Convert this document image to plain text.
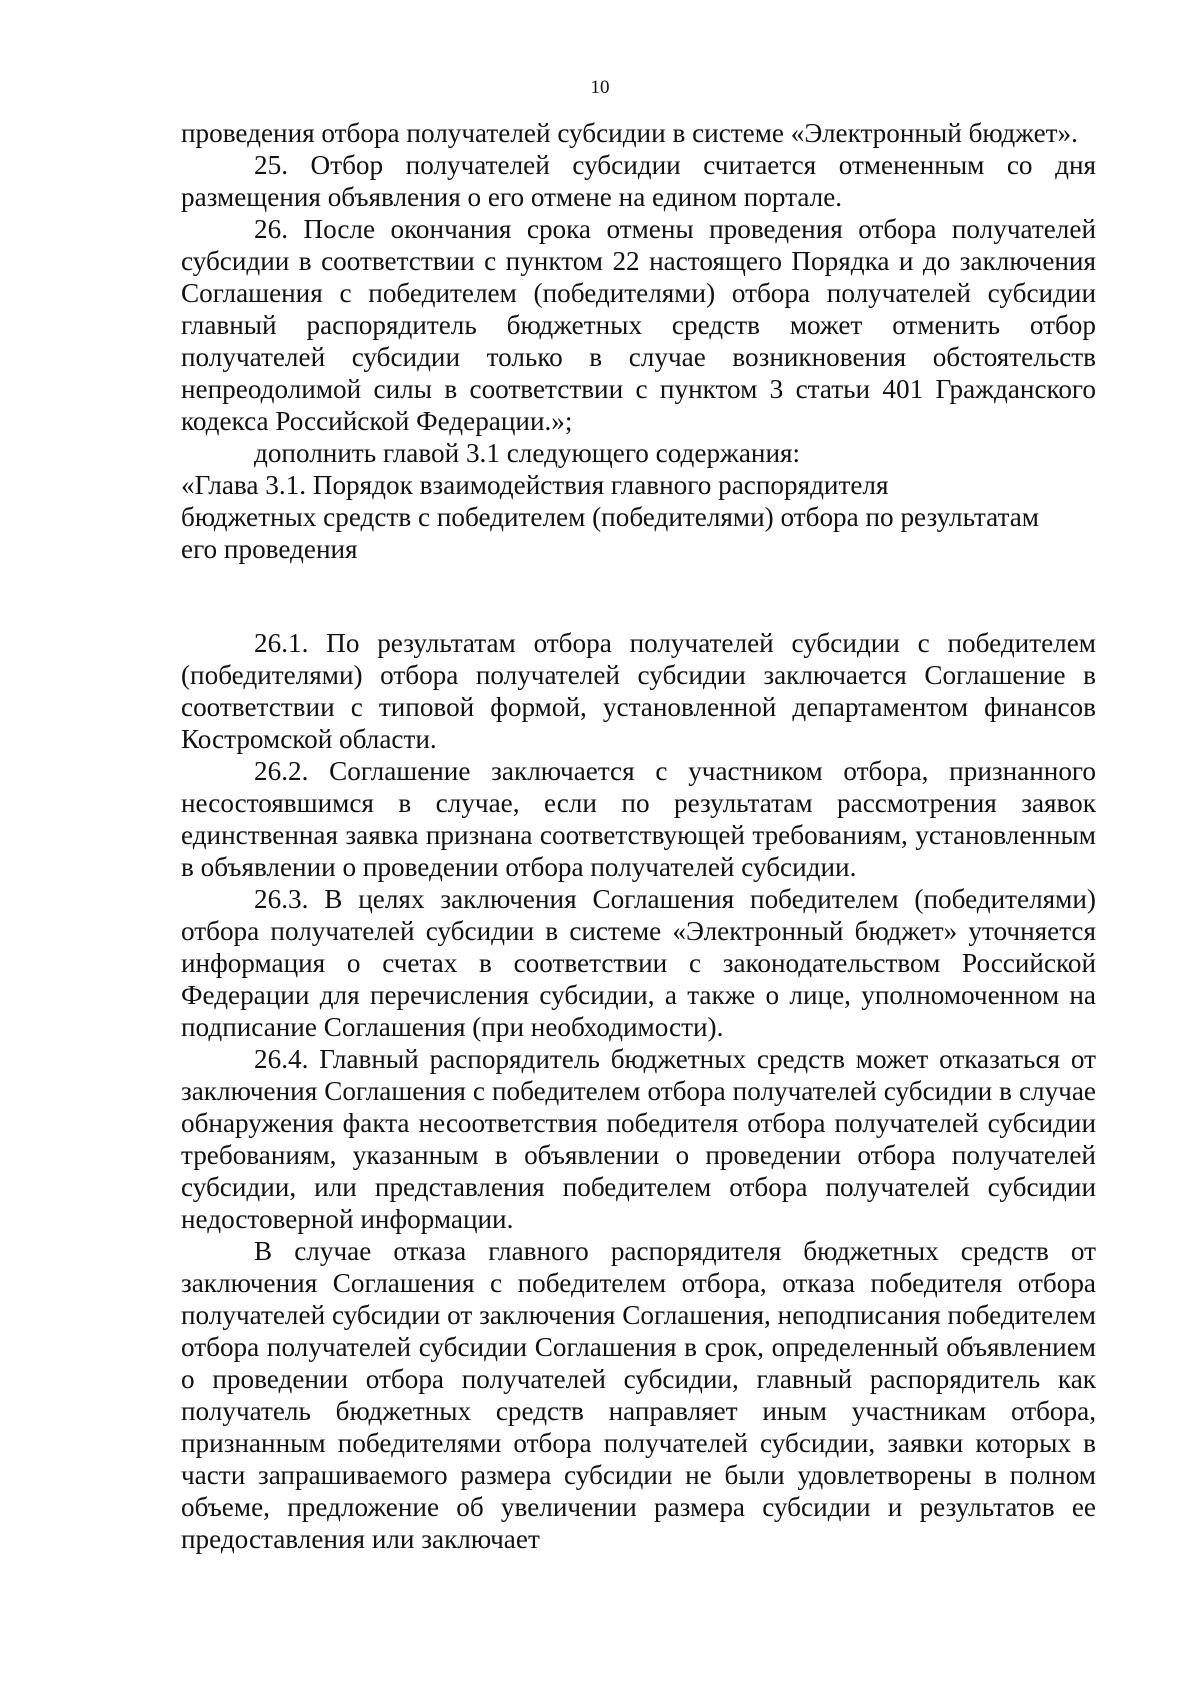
10

проведения отбора получателей субсидии в системе «Электронный бюджет».

25. Отбор получателей субсидии считается отмененным со дня размещения объявления о его отмене на едином портале.

26. После окончания срока отмены проведения отбора получателей субсидии в соответствии с пунктом 22 настоящего Порядка и до заключения Соглашения с победителем (победителями) отбора получателей субсидии главный распорядитель бюджетных средств может отменить отбор получателей субсидии только в случае возникновения обстоятельств непреодолимой силы в соответствии с пунктом 3 статьи 401 Гражданского кодекса Российской Федерации.»;

дополнить главой 3.1 следующего содержания:

«Глава 3.1. Порядок взаимодействия главного распорядителя

бюджетных средств с победителем (победителями) отбора по результатам

его проведения

26.1. По результатам отбора получателей субсидии с победителем (победителями) отбора получателей субсидии заключается Соглашение в соответствии с типовой формой, установленной департаментом финансов Костромской области.

26.2. Соглашение заключается с участником отбора, признанного несостоявшимся в случае, если по результатам рассмотрения заявок единственная заявка признана соответствующей требованиям, установленным в объявлении о проведении отбора получателей субсидии.

26.3. В целях заключения Соглашения победителем (победителями) отбора получателей субсидии в системе «Электронный бюджет» уточняется информация о счетах в соответствии с законодательством Российской Федерации для перечисления субсидии, а также о лице, уполномоченном на подписание Соглашения (при необходимости).

26.4. Главный распорядитель бюджетных средств может отказаться от заключения Соглашения с победителем отбора получателей субсидии в случае обнаружения факта несоответствия победителя отбора получателей субсидии требованиям, указанным в объявлении о проведении отбора получателей субсидии, или представления победителем отбора получателей субсидии недостоверной информации.

В случае отказа главного распорядителя бюджетных средств от заключения Соглашения с победителем отбора, отказа победителя отбора получателей субсидии от заключения Соглашения, неподписания победителем отбора получателей субсидии Соглашения в срок, определенный объявлением о проведении отбора получателей субсидии, главный распорядитель как получатель бюджетных средств направляет иным участникам отбора, признанным победителями отбора получателей субсидии, заявки которых в части запрашиваемого размера субсидии не были удовлетворены в полном объеме, предложение об увеличении размера субсидии и результатов ее предоставления или заключает
